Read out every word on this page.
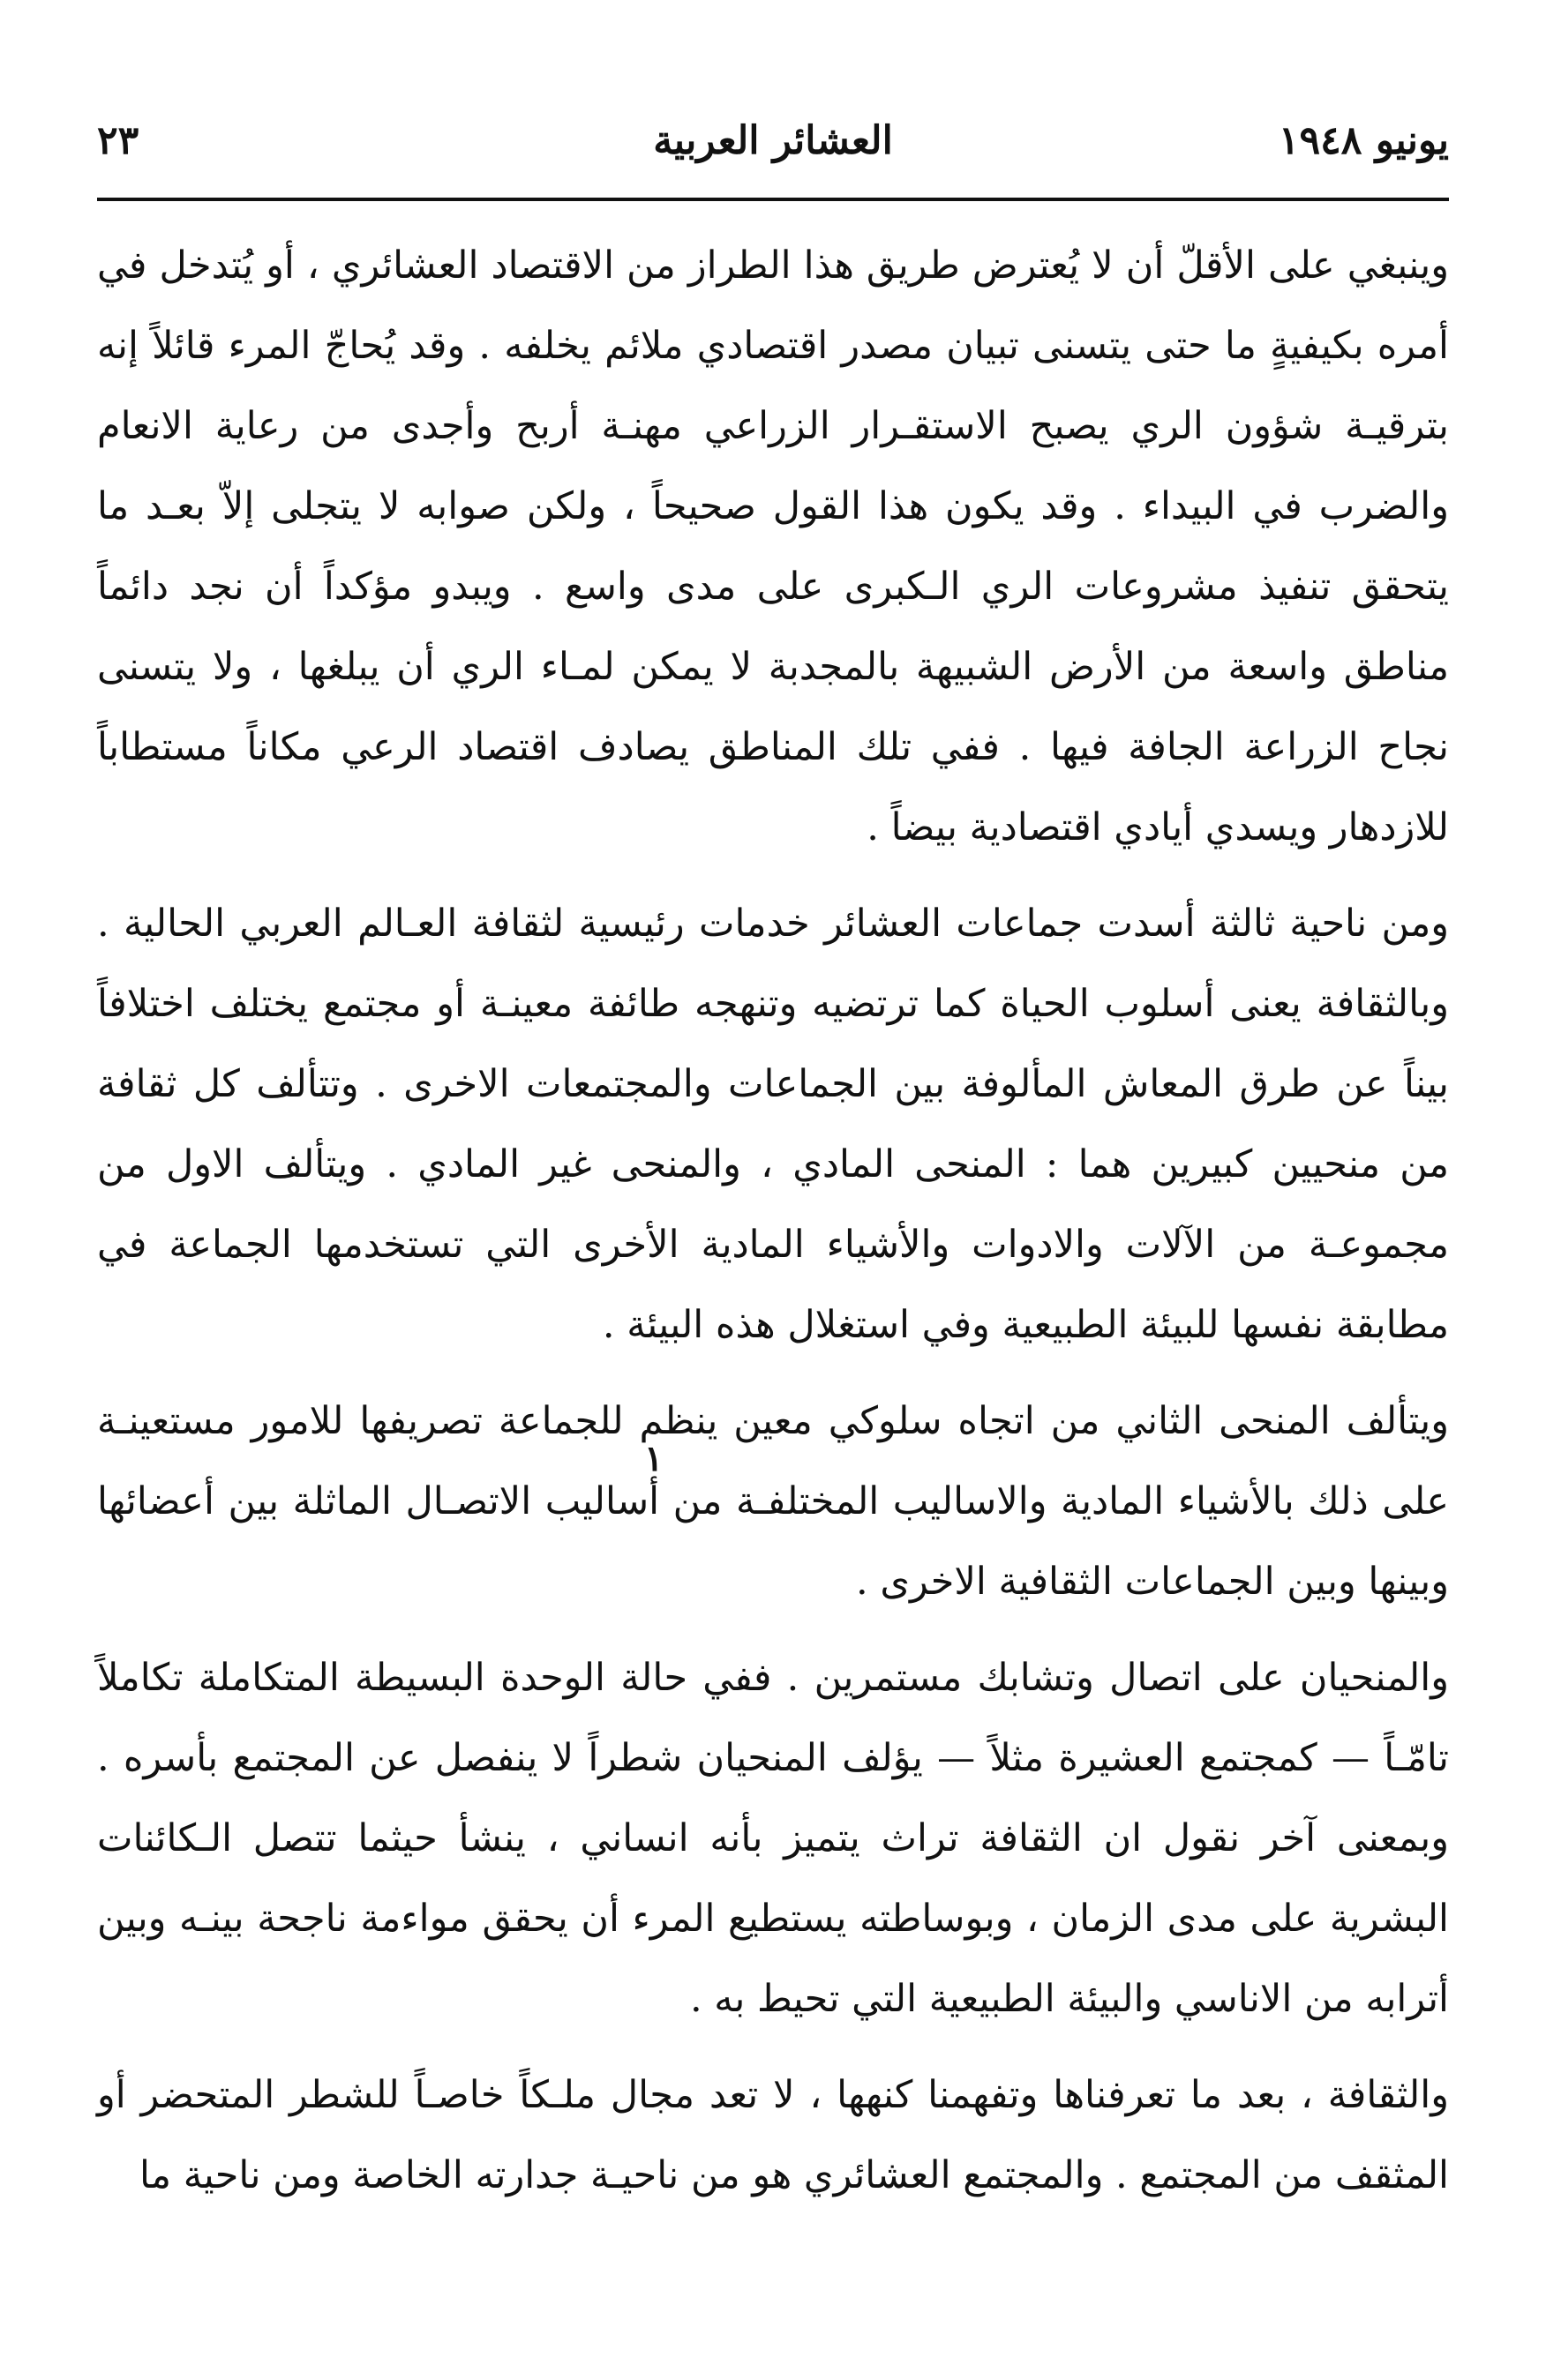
يونيو ١٩٤٨
العشائر العربية
٢٣

وينبغي على الأقلّ أن لا يُعترض طريق هذا الطراز من الاقتصاد العشائري ، أو يُتدخل في أمره بكيفيةٍ ما حتى يتسنى تبيان مصدر اقتصادي ملائم يخلفه . وقد يُحاجّ المرء قائلاً إنه بترقيـة شؤون الري يصبح الاستقـرار الزراعي مهنـة أربح وأجدى من رعاية الانعام والضرب في البيداء . وقد يكون هذا القول صحيحاً ، ولكن صوابه لا يتجلى إلاّ بعـد ما يتحقق تنفيذ مشروعات الري الـكبرى على مدى واسع . ويبدو مؤكداً أن نجد دائماً مناطق واسعة من الأرض الشبيهة بالمجدبة لا يمكن لمـاء الري أن يبلغها ، ولا يتسنى نجاح الزراعة الجافة فيها . ففي تلك المناطق يصادف اقتصاد الرعي مكاناً مستطاباً للازدهار ويسدي أيادي اقتصادية بيضاً .

ومن ناحية ثالثة أسدت جماعات العشائر خدمات رئيسية لثقافة العـالم العربي الحالية . وبالثقافة يعنى أسلوب الحياة كما ترتضيه وتنهجه طائفة معينـة أو مجتمع يختلف اختلافاً بيناً عن طرق المعاش المألوفة بين الجماعات والمجتمعات الاخرى . وتتألف كل ثقافة من منحيين كبيرين هما : المنحى المادي ، والمنحى غير المادي . ويتألف الاول من مجموعـة من الآلات والادوات والأشياء المادية الأخرى التي تستخدمها الجماعة في مطابقة نفسها للبيئة الطبيعية وفي استغلال هذه البيئة .

ويتألف المنحى الثاني من اتجاه سلوكي معين ينظم للجماعة تصريفها للامور مستعينـة على ذلك بالأشياء المادية والاساليب المختلفـة من أساليب الاتصـال الماثلة بين أعضائها وبينها وبين الجماعات الثقافية الاخرى .

والمنحيان على اتصال وتشابك مستمرين . ففي حالة الوحدة البسيطة المتكاملة تكاملاً تامّـاً — كمجتمع العشيرة مثلاً — يؤلف المنحيان شطراً لا ينفصل عن المجتمع بأسره . وبمعنى آخر نقول ان الثقافة تراث يتميز بأنه انساني ، ينشأ حيثما تتصل الـكائنات البشرية على مدى الزمان ، وبوساطته يستطيع المرء أن يحقق مواءمة ناجحة بينـه وبين أترابه من الاناسي والبيئة الطبيعية التي تحيط به .

والثقافة ، بعد ما تعرفناها وتفهمنا كنهها ، لا تعد مجال ملـكاً خاصـاً للشطر المتحضر أو المثقف من المجتمع . والمجتمع العشائري هو من ناحيـة جدارته الخاصة ومن ناحية ما

١
